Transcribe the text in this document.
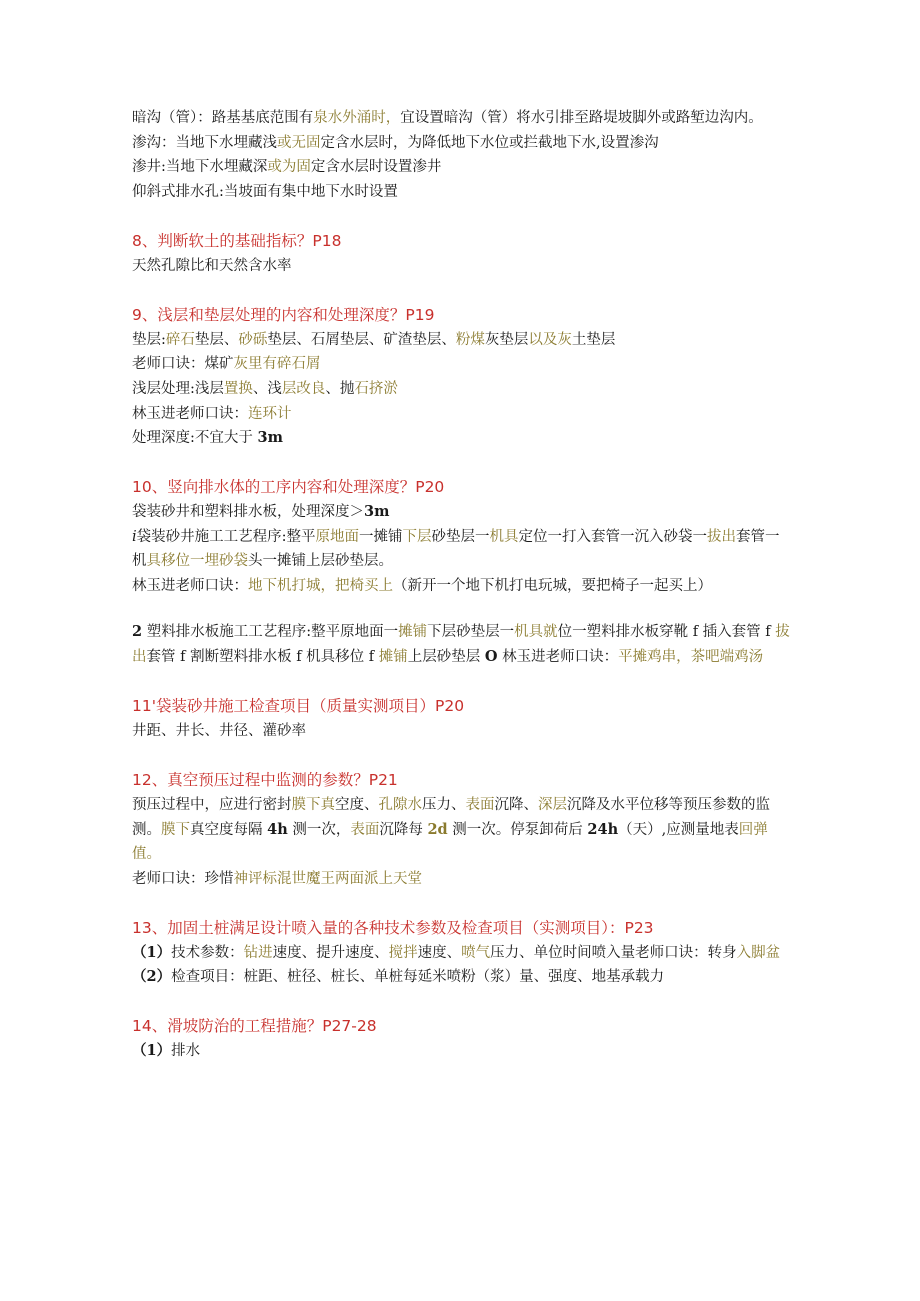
暗沟（管）：路基基底范围有泉水外涌时，宜设置暗沟（管）将水引排至路堤坡脚外或路堑边沟内。

渗沟：当地下水埋藏浅或无固定含水层时，为降低地下水位或拦截地下水,设置渗沟

渗井:当地下水埋藏深或为固定含水层时设置渗井

仰斜式排水孔:当坡面有集中地下水时设置

8、判断软土的基础指标？P18

天然孔隙比和天然含水率

9、浅层和垫层处理的内容和处理深度？P19

垫层:碎石垫层、砂砾垫层、石屑垫层、矿渣垫层、粉煤灰垫层以及灰土垫层

老师口诀：煤矿灰里有碎石屑

浅层处理:浅层置换、浅层改良、抛石挤淤

林玉进老师口诀：连环计

处理深度:不宜大于 3m

10、竖向排水体的工序内容和处理深度？P20

袋装砂井和塑料排水板，处理深度＞3m

i袋装砂井施工工艺程序:整平原地面一摊铺下层砂垫层一机具定位一打入套管一沉入砂袋一拔出套管一机具移位一埋砂袋头一摊铺上层砂垫层。

林玉进老师口诀：地下机打城，把椅买上（新开一个地下机打电玩城，要把椅子一起买上）

2 塑料排水板施工工艺程序:整平原地面一摊铺下层砂垫层一机具就位一塑料排水板穿靴 f 插入套管 f 拔出套管 f 割断塑料排水板 f 机具移位 f 摊铺上层砂垫层 O 林玉进老师口诀：平摊鸡串，茶吧端鸡汤

11'袋装砂井施工检查项目（质量实测项目）P20

井距、井长、井径、灌砂率

12、真空预压过程中监测的参数？P21

预压过程中，应进行密封膜下真空度、孔隙水压力、表面沉降、深层沉降及水平位移等预压参数的监测。膜下真空度每隔 4h 测一次，表面沉降每 2d 测一次。停泵卸荷后 24h（天）,应测量地表回弹值。

老师口诀：珍惜神评标混世魔王两面派上天堂

13、加固土桩满足设计喷入量的各种技术参数及检查项目（实测项目）：P23

（1）技术参数：钻进速度、提升速度、搅拌速度、喷气压力、单位时间喷入量老师口诀：转身入脚盆

（2）检查项目：桩距、桩径、桩长、单桩每延米喷粉（浆）量、强度、地基承载力

14、滑坡防治的工程措施？P27-28

（1）排水
